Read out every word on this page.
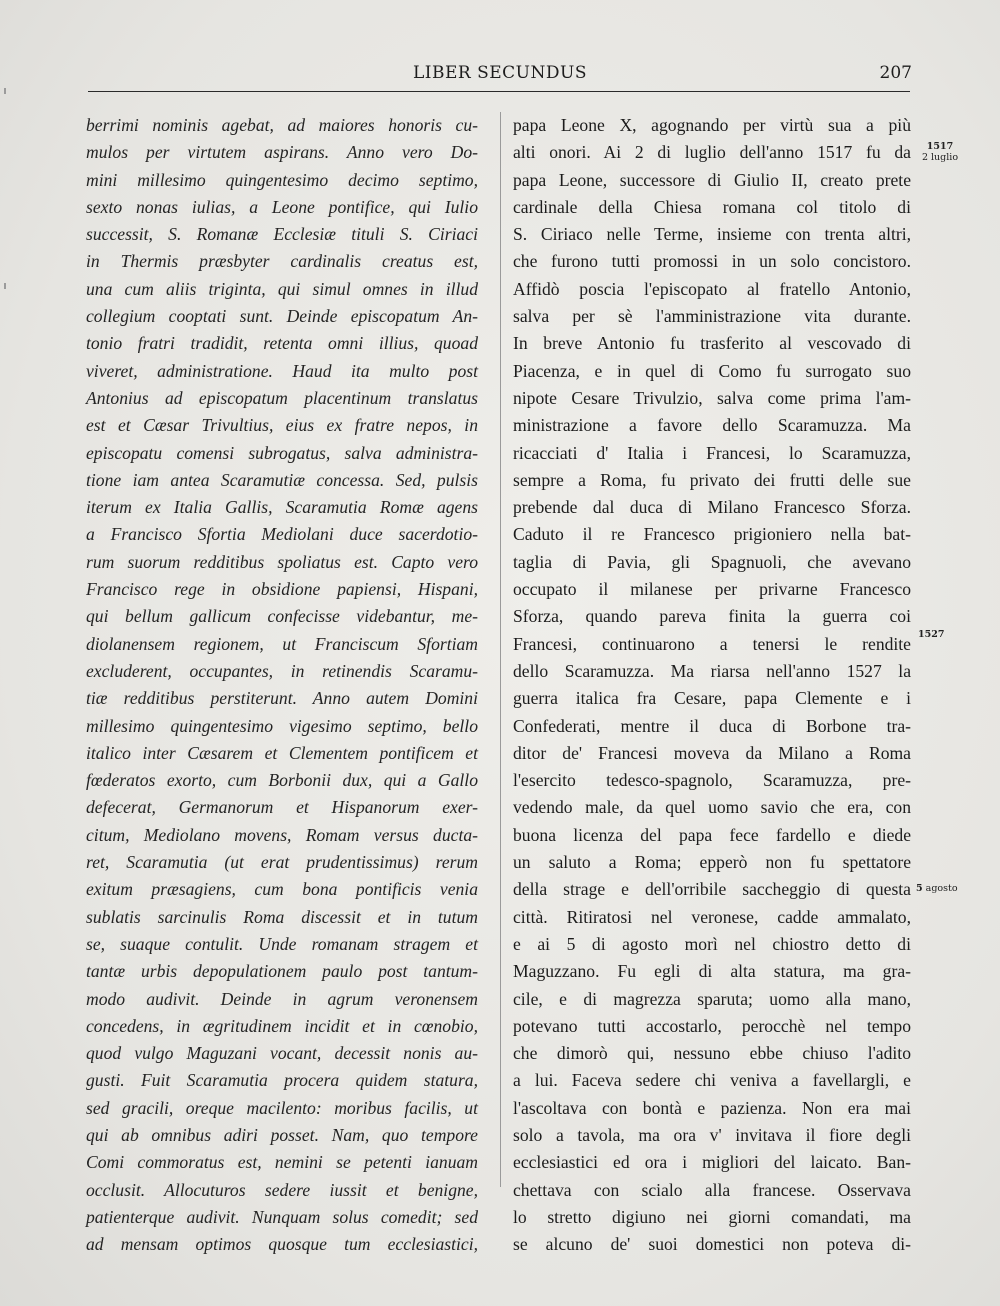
LIBER SECUNDUS	207
berrimi nominis agebat, ad maiores honoris cu-
mulos per virtutem aspirans. Anno vero Do-
mini millesimo quingentesimo decimo septimo,
sexto nonas iulias, a Leone pontifice, qui Iulio
successit, S. Romanæ Ecclesiæ tituli S. Ciriaci
in Thermis præsbyter cardinalis creatus est,
una cum aliis triginta, qui simul omnes in illud
collegium cooptati sunt. Deinde episcopatum An-
tonio fratri tradidit, retenta omni illius, quoad
viveret, administratione. Haud ita multo post
Antonius ad episcopatum placentinum translatus
est et Cæsar Trivultius, eius ex fratre nepos, in
episcopatu comensi subrogatus, salva administra-
tione iam antea Scaramutiæ concessa. Sed, pulsis
iterum ex Italia Gallis, Scaramutia Romæ agens
a Francisco Sfortia Mediolani duce sacerdotio-
rum suorum redditibus spoliatus est. Capto vero
Francisco rege in obsidione papiensi, Hispani,
qui bellum gallicum confecisse videbantur, me-
diolanensem regionem, ut Franciscum Sfortiam
excluderent, occupantes, in retinendis Scaramu-
tiæ redditibus perstiterunt. Anno autem Domini
millesimo quingentesimo vigesimo septimo, bello
italico inter Cæsarem et Clementem pontificem et
fœderatos exorto, cum Borbonii dux, qui a Gallo
defecerat, Germanorum et Hispanorum exer-
citum, Mediolano movens, Romam versus ducta-
ret, Scaramutia (ut erat prudentissimus) rerum
exitum præsagiens, cum bona pontificis venia
sublatis sarcinulis Roma discessit et in tutum
se, suaque contulit. Unde romanam stragem et
tantæ urbis depopulationem paulo post tantum-
modo audivit. Deinde in agrum veronensem
concedens, in ægritudinem incidit et in cœnobio,
quod vulgo Maguzani vocant, decessit nonis au-
gusti. Fuit Scaramutia procera quidem statura,
sed gracili, oreque macilento: moribus facilis, ut
qui ab omnibus adiri posset. Nam, quo tempore
Comi commoratus est, nemini se petenti ianuam
occlusit. Allocuturos sedere iussit et benigne,
patienterque audivit. Nunquam solus comedit; sed
ad mensam optimos quosque tum ecclesiastici,
papa Leone X, agognando per virtù sua a più
alti onori. Ai 2 di luglio dell'anno 1517 fu da
papa Leone, successore di Giulio II, creato prete
cardinale della Chiesa romana col titolo di
S. Ciriaco nelle Terme, insieme con trenta altri,
che furono tutti promossi in un solo concistoro.
Affidò poscia l'episcopato al fratello Antonio,
salva per sè l'amministrazione vita durante.
In breve Antonio fu trasferito al vescovado di
Piacenza, e in quel di Como fu surrogato suo
nipote Cesare Trivulzio, salva come prima l'am-
ministrazione a favore dello Scaramuzza. Ma
ricacciati d' Italia i Francesi, lo Scaramuzza,
sempre a Roma, fu privato dei frutti delle sue
prebende dal duca di Milano Francesco Sforza.
Caduto il re Francesco prigioniero nella bat-
taglia di Pavia, gli Spagnuoli, che avevano
occupato il milanese per privarne Francesco
Sforza, quando pareva finita la guerra coi
Francesi, continuarono a tenersi le rendite
dello Scaramuzza. Ma riarsa nell'anno 1527 la
guerra italica fra Cesare, papa Clemente e i
Confederati, mentre il duca di Borbone tra-
ditor de' Francesi moveva da Milano a Roma
l'esercito tedesco-spagnolo, Scaramuzza, pre-
vedendo male, da quel uomo savio che era, con
buona licenza del papa fece fardello e diede
un saluto a Roma; epperò non fu spettatore
della strage e dell'orribile saccheggio di questa
città. Ritiratosi nel veronese, cadde ammalato,
e ai 5 di agosto morì nel chiostro detto di
Maguzzano. Fu egli di alta statura, ma gra-
cile, e di magrezza sparuta; uomo alla mano,
potevano tutti accostarlo, perocchè nel tempo
che dimorò qui, nessuno ebbe chiuso l'adito
a lui. Faceva sedere chi veniva a favellargli, e
l'ascoltava con bontà e pazienza. Non era mai
solo a tavola, ma ora v' invitava il fiore degli
ecclesiastici ed ora i migliori del laicato. Ban-
chettava con scialo alla francese. Osservava
lo stretto digiuno nei giorni comandati, ma
se alcuno de' suoi domestici non poteva di-
1517
2 luglio
1527
5 agosto
